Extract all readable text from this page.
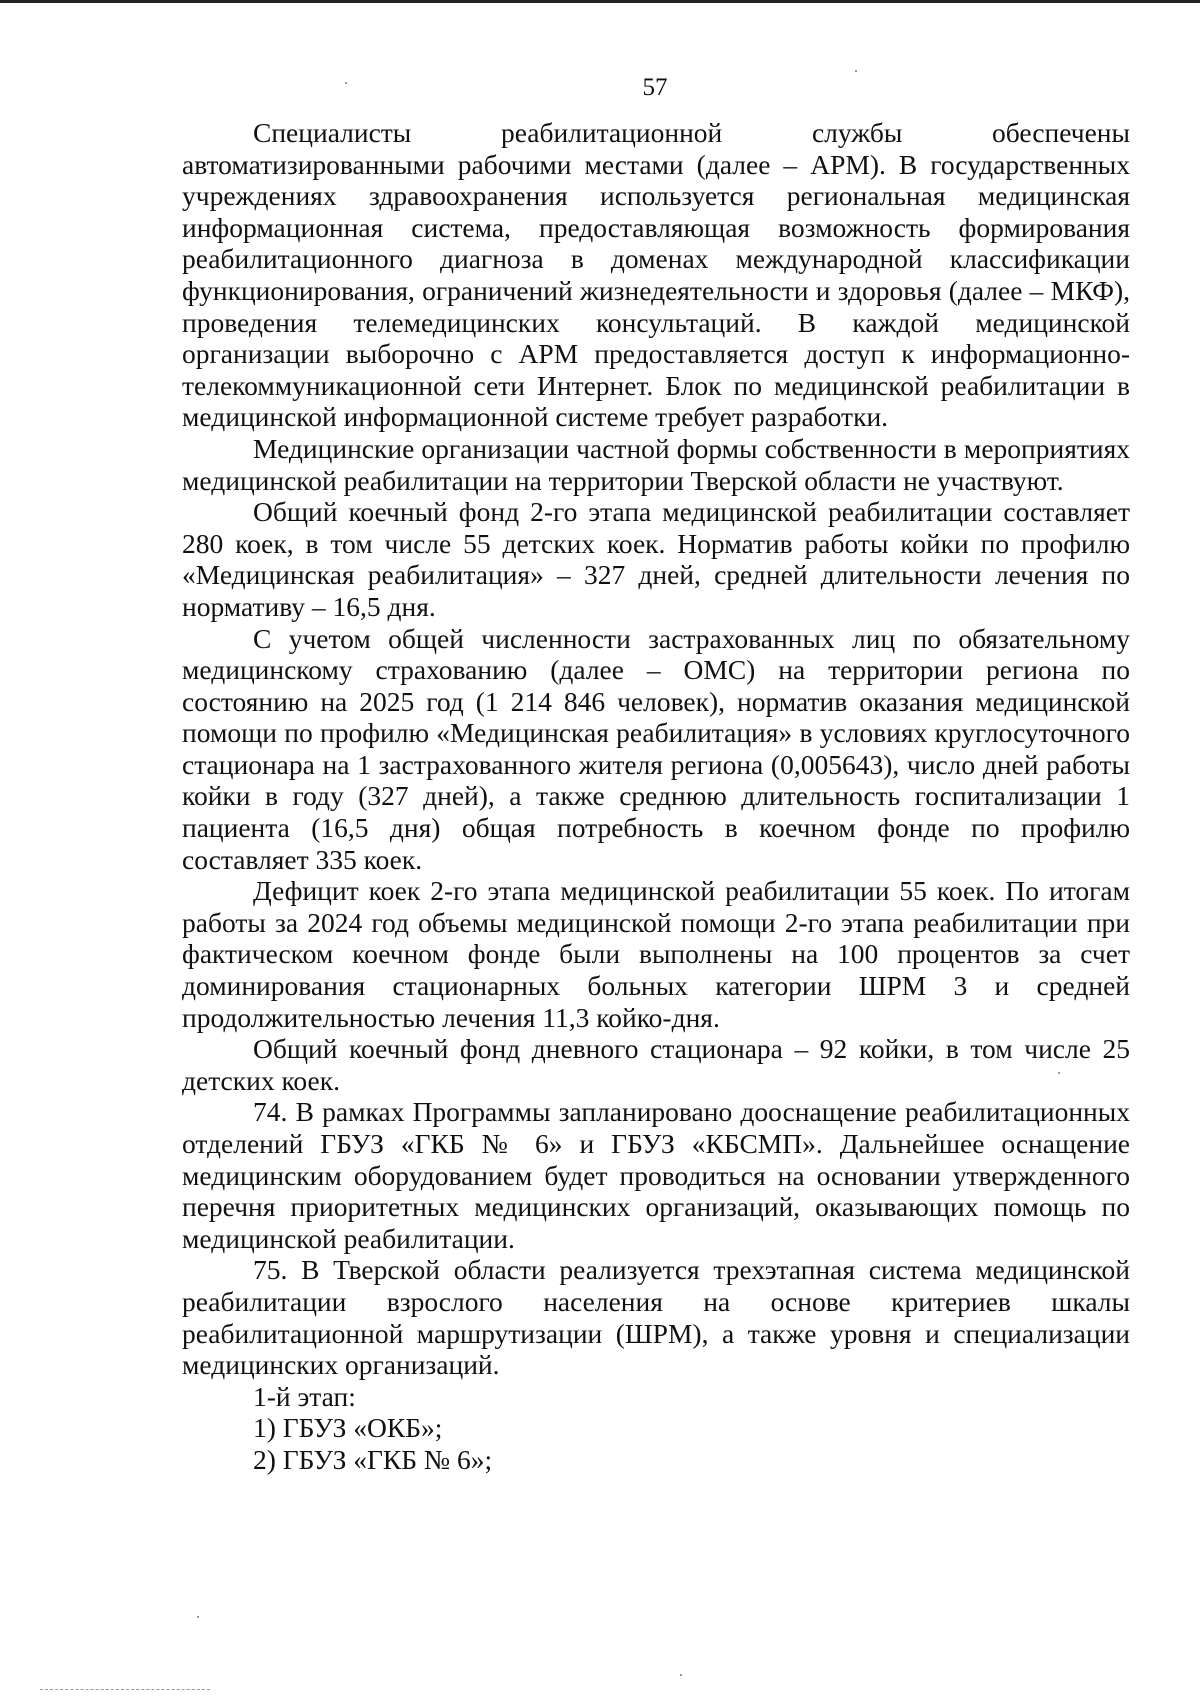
57

Специалисты реабилитационной службы обеспечены автоматизированными рабочими местами (далее – АРМ). В государственных учреждениях здравоохранения используется региональная медицинская информационная система, предоставляющая возможность формирования реабилитационного диагноза в доменах международной классификации функционирования, ограничений жизнедеятельности и здоровья (далее – МКФ), проведения телемедицинских консультаций. В каждой медицинской организации выборочно с АРМ предоставляется доступ к информационно-телекоммуникационной сети Интернет. Блок по медицинской реабилитации в медицинской информационной системе требует разработки.

Медицинские организации частной формы собственности в мероприятиях медицинской реабилитации на территории Тверской области не участвуют.

Общий коечный фонд 2-го этапа медицинской реабилитации составляет 280 коек, в том числе 55 детских коек. Норматив работы койки по профилю «Медицинская реабилитация» – 327 дней, средней длительности лечения по нормативу – 16,5 дня.

С учетом общей численности застрахованных лиц по обязательному медицинскому страхованию (далее – ОМС) на территории региона по состоянию на 2025 год (1 214 846 человек), норматив оказания медицинской помощи по профилю «Медицинская реабилитация» в условиях круглосуточного стационара на 1 застрахованного жителя региона (0,005643), число дней работы койки в году (327 дней), а также среднюю длительность госпитализации 1 пациента (16,5 дня) общая потребность в коечном фонде по профилю составляет 335 коек.

Дефицит коек 2-го этапа медицинской реабилитации 55 коек. По итогам работы за 2024 год объемы медицинской помощи 2-го этапа реабилитации при фактическом коечном фонде были выполнены на 100 процентов за счет доминирования стационарных больных категории ШРМ 3 и средней продолжительностью лечения 11,3 койко-дня.

Общий коечный фонд дневного стационара – 92 койки, в том числе 25 детских коек.

74. В рамках Программы запланировано дооснащение реабилитационных отделений ГБУЗ «ГКБ № 6» и ГБУЗ «КБСМП». Дальнейшее оснащение медицинским оборудованием будет проводиться на основании утвержденного перечня приоритетных медицинских организаций, оказывающих помощь по медицинской реабилитации.

75. В Тверской области реализуется трехэтапная система медицинской реабилитации взрослого населения на основе критериев шкалы реабилитационной маршрутизации (ШРМ), а также уровня и специализации медицинских организаций.

1-й этап:

1) ГБУЗ «ОКБ»;

2) ГБУЗ «ГКБ № 6»;
